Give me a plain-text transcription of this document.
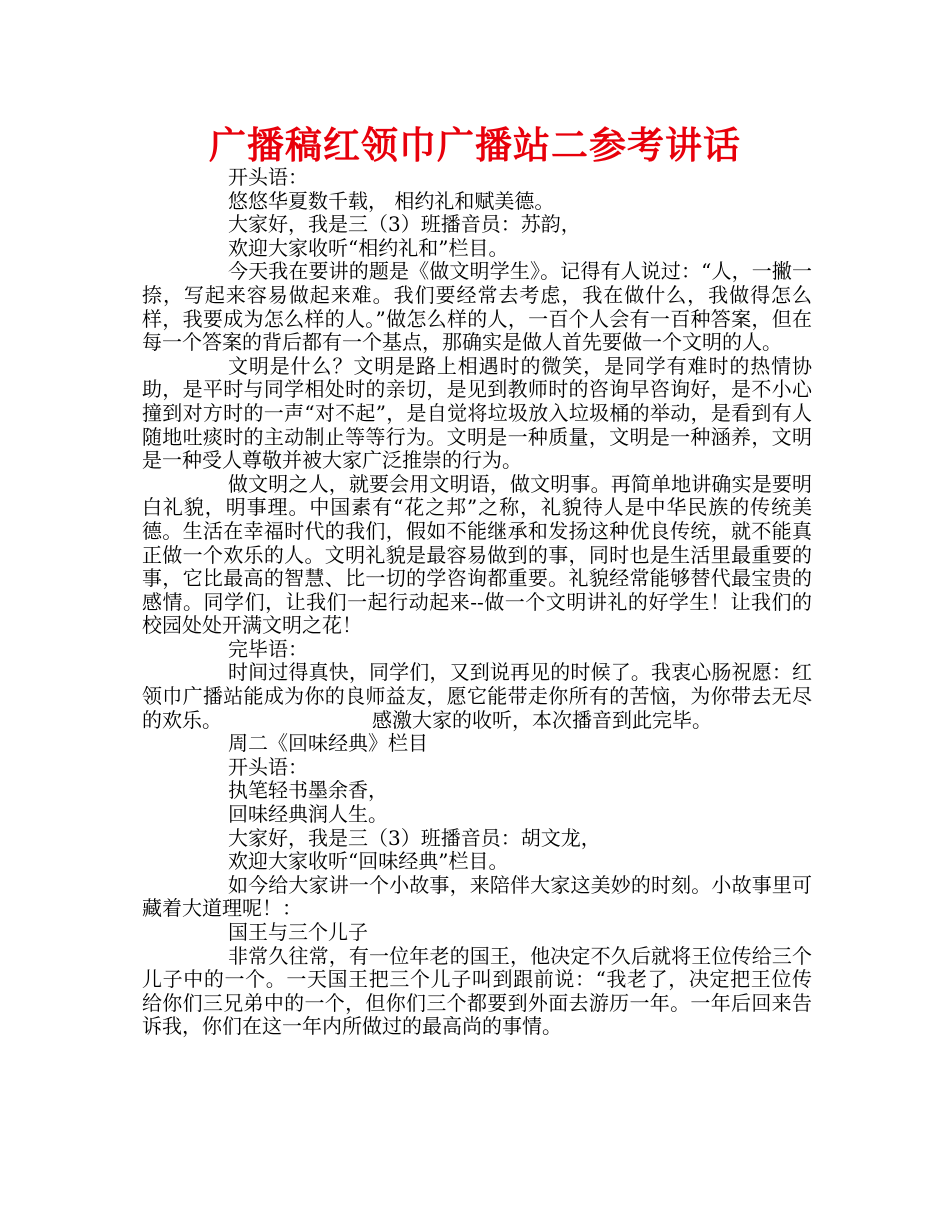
广播稿红领巾广播站二参考讲话

开头语：

悠悠华夏数千载， 相约礼和赋美德。

大家好，我是三（3）班播音员：苏韵，

欢迎大家收听“相约礼和”栏目。

今天我在要讲的题是《做文明学生》。记得有人说过：“人，一撇一捺，写起来容易做起来难。我们要经常去考虑，我在做什么，我做得怎么样，我要成为怎么样的人。”做怎么样的人，一百个人会有一百种答案，但在每一个答案的背后都有一个基点，那确实是做人首先要做一个文明的人。

文明是什么？文明是路上相遇时的微笑，是同学有难时的热情协助，是平时与同学相处时的亲切，是见到教师时的咨询早咨询好，是不小心撞到对方时的一声“对不起”，是自觉将垃圾放入垃圾桶的举动，是看到有人随地吐痰时的主动制止等等行为。文明是一种质量，文明是一种涵养，文明是一种受人尊敬并被大家广泛推崇的行为。

做文明之人，就要会用文明语，做文明事。再简单地讲确实是要明白礼貌，明事理。中国素有“花之邦”之称，礼貌待人是中华民族的传统美德。生活在幸福时代的我们，假如不能继承和发扬这种优良传统，就不能真正做一个欢乐的人。文明礼貌是最容易做到的事，同时也是生活里最重要的事，它比最高的智慧、比一切的学咨询都重要。礼貌经常能够替代最宝贵的感情。同学们，让我们一起行动起来--做一个文明讲礼的好学生！让我们的校园处处开满文明之花！

完毕语：

时间过得真快，同学们，又到说再见的时候了。我衷心肠祝愿：红领巾广播站能成为你的良师益友，愿它能带走你所有的苦恼，为你带去无尽的欢乐。	感激大家的收听，本次播音到此完毕。

周二《回味经典》栏目

开头语：

执笔轻书墨余香，

回味经典润人生。

大家好，我是三（3）班播音员：胡文龙，

欢迎大家收听“回味经典”栏目。

如今给大家讲一个小故事，来陪伴大家这美妙的时刻。小故事里可藏着大道理呢！：

国王与三个儿子

非常久往常，有一位年老的国王，他决定不久后就将王位传给三个儿子中的一个。一天国王把三个儿子叫到跟前说：“我老了，决定把王位传给你们三兄弟中的一个，但你们三个都要到外面去游历一年。一年后回来告诉我，你们在这一年内所做过的最高尚的事情。
